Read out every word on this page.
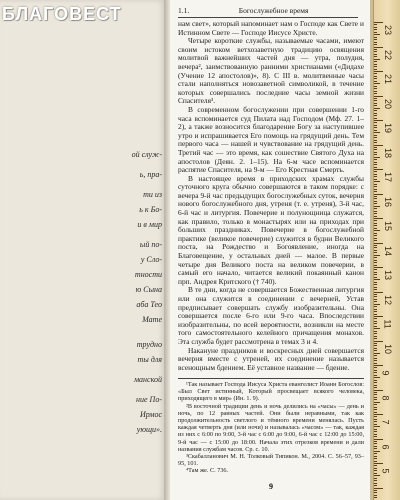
ой служ-
ь, пра-
ти из
ь к Бо-
и в мир
ый по-
у Сло-
тности
ю Сына
аба Тео
Мате
трудно
ты для
манской
ние По-
Ирмос
ующи».
1.1.	Богослужебное время

нам свет», который напоминает нам о Господе как Свете и Истинном Свете — Господе Иисусе Христе.

Четыре короткие службы, называемые часами, имеют своим истоком ветхозаветную традицию освящения молитвой важнейших частей дня — утра, полудня, вечера², заимствованную ранними христианами («Дидахе (Учение 12 апостолов)», 8). С III в. молитвенные часы стали наполняться новозаветной символикой, в течение которых совершались последние часы земной жизни Спасителя³.

В современном богослужении при совершении 1-го часа вспоминается суд Пилата над Господом (Мф. 27. 1–2), а также возносится благодарение Богу за наступившее утро и испрашивается Его помощь на грядущий день. Тем первого часа — нашей и чувствование на грядущий день. Третий час — это время, как сошествие Святого Духа на апостолов (Деян. 2. 1–15). На 6-м часе вспоминается распятие Спасителя, на 9-м — Его Крестная Смерть.

В настоящее время в приходских храмах службы суточного круга обычно совершаются в таком порядке: с вечера 9-й час предыдущих богослужебных суток, вечерня нового богослужебного дня, утреня (т. е. утреня), 3-й час, 6-й час и литургия. Повечерие и полунощница служатся, как правило, только в монастырях или на приходах при больших праздниках. Повечерие в богослужебной практике (великое повечерие) служится в будни Великого поста, на Рождество и Богоявление, иногда на Благовещение, у остальных дней — малое. В первые четыре дня Великого поста на великом повечерии, в самый его начало, читается великий покаянный канон прп. Андрея Критского († 740).

В те дни, когда не совершается Божественная литургия или она служится в соединении с вечерней, Устав предписывает совершать службу изобразительны. Она совершается после 6-го или 9-го часа. Впоследствии изобразительны, по всей вероятности, возникли на месте того самостоятельного келейного причащения монахов. Эта служба будет рассмотрена в темах 3 и 4.

Накануне праздников и воскресных дней совершается вечерня вместе с утреней, их соединение называется всенощным бдением. Её уставное название — бдение.

¹Так называет Господа Иисуса Христа евангелист Иоанн Богослов: «Был Свет истинный, Который просвещает всякого человека, приходящего в мир» (Ин. 1. 9).

²В восточной традиции день и ночь делились на «часы» — день и ночь, по 12 равных частей. Они были неравными, так как продолжительность светлого и тёмного времени менялась. Пусть каждая четверть дня (или ночи) и называлась «часом» — так, каждая из них с 6:00 по 9:00, 3-й час с 6:00 до 9:00, 6-й час с 12:00 до 15:00, 9-й час — с 15:00 до 18:00. Начала этих отрезков времени и дали названия службам часов. Ср. с. 10.

³Скабалланович М. Н. Толковый Типикон. М., 2004. С. 56–57, 93–95, 101.

⁴Там же. С. 736.

9
23
22
21
20
19
18
17
16
15
14
13
12
11
10
9
8
7
6
5
БЛАГОВЕСТ
